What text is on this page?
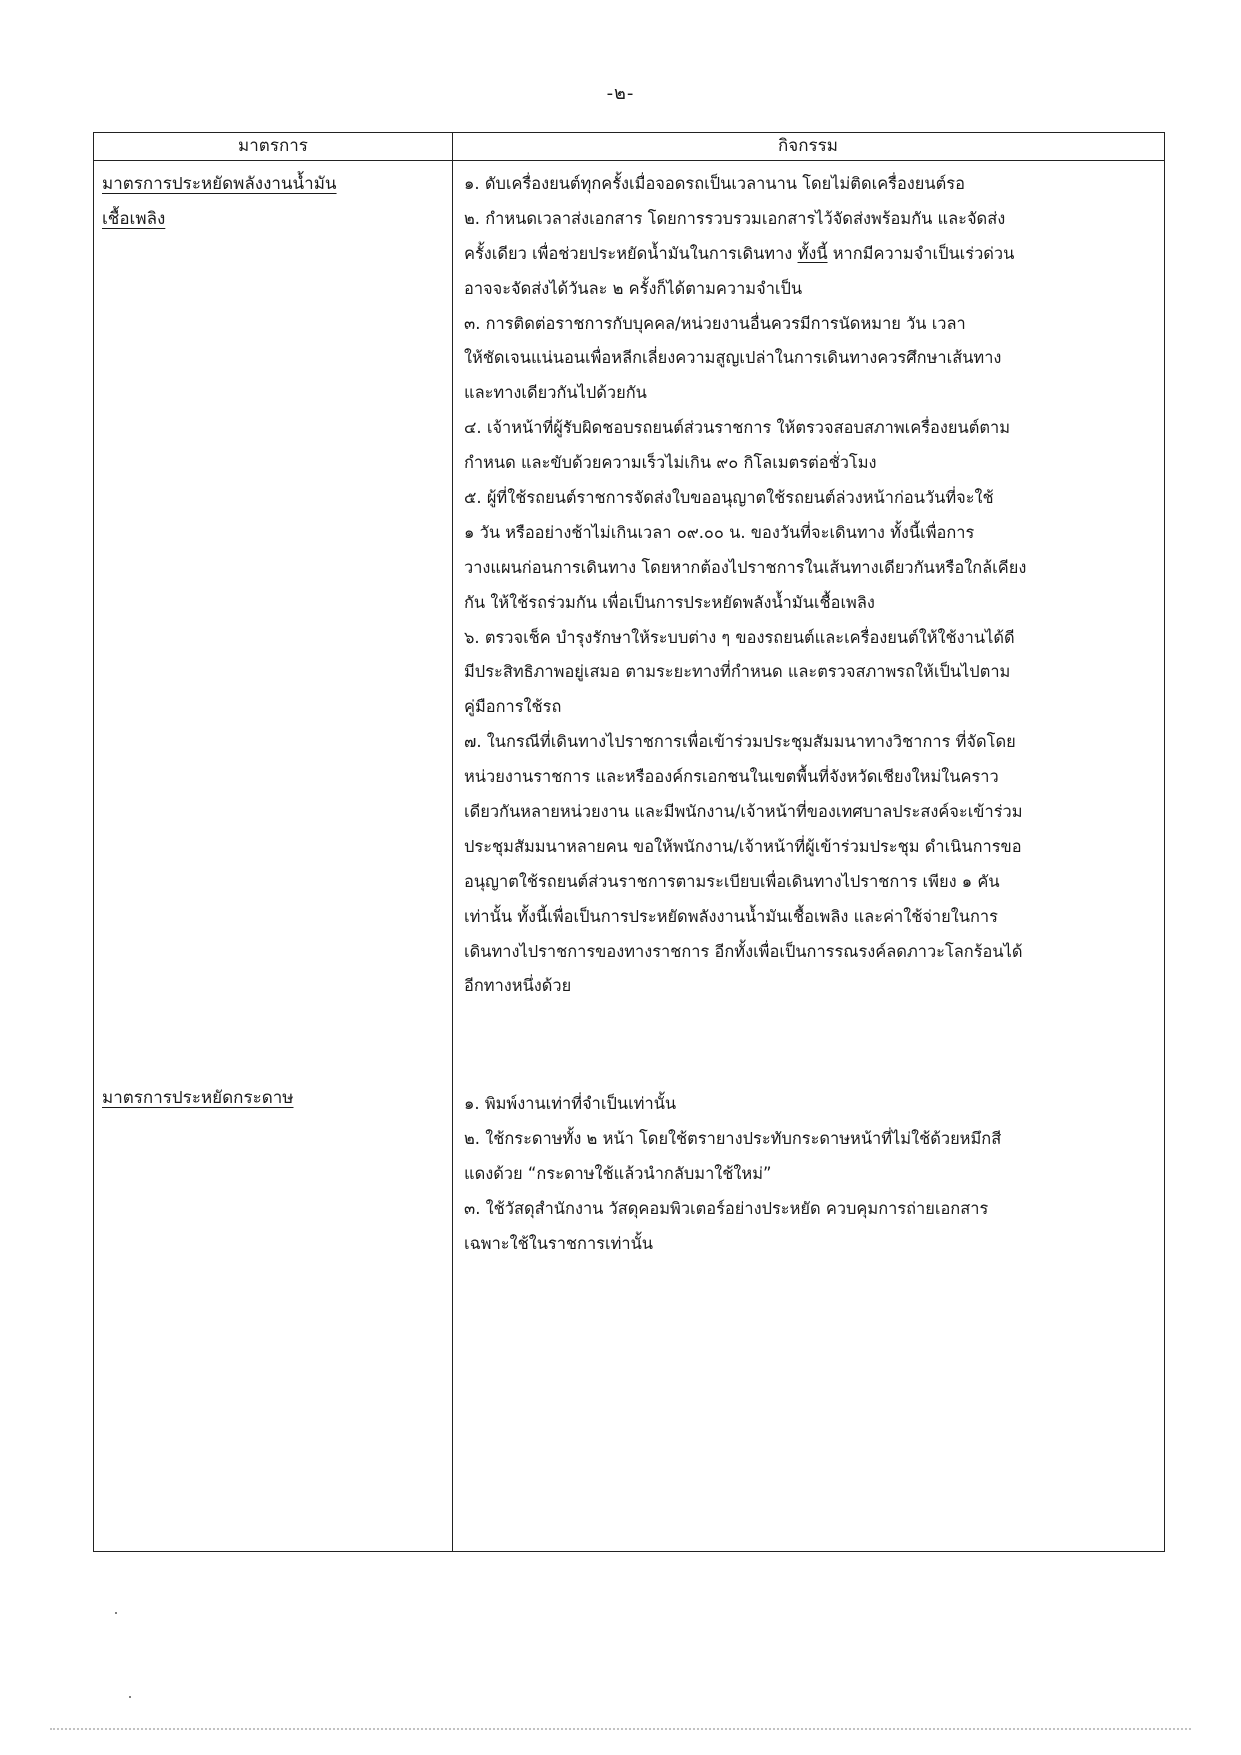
-๒-
มาตรการ	กิจกรรม
มาตรการประหยัดพลังงานน้ำมัน
เชื้อเพลิง
๑. ดับเครื่องยนต์ทุกครั้งเมื่อจอดรถเป็นเวลานาน โดยไม่ติดเครื่องยนต์รอ
๒. กำหนดเวลาส่งเอกสาร โดยการรวบรวมเอกสารไว้จัดส่งพร้อมกัน และจัดส่ง
ครั้งเดียว เพื่อช่วยประหยัดน้ำมันในการเดินทาง ทั้งนี้ หากมีความจำเป็นเร่วด่วน
อาจจะจัดส่งได้วันละ ๒ ครั้งก็ได้ตามความจำเป็น
๓. การติดต่อราชการกับบุคคล/หน่วยงานอื่นควรมีการนัดหมาย วัน เวลา
ให้ชัดเจนแน่นอนเพื่อหลีกเลี่ยงความสูญเปล่าในการเดินทางควรศึกษาเส้นทาง
และทางเดียวกันไปด้วยกัน
๔. เจ้าหน้าที่ผู้รับผิดชอบรถยนต์ส่วนราชการ ให้ตรวจสอบสภาพเครื่องยนต์ตาม
กำหนด และขับด้วยความเร็วไม่เกิน ๙๐ กิโลเมตรต่อชั่วโมง
๕. ผู้ที่ใช้รถยนต์ราชการจัดส่งใบขออนุญาตใช้รถยนต์ล่วงหน้าก่อนวันที่จะใช้
๑ วัน หรืออย่างช้าไม่เกินเวลา ๐๙.๐๐ น. ของวันที่จะเดินทาง ทั้งนี้เพื่อการ
วางแผนก่อนการเดินทาง โดยหากต้องไปราชการในเส้นทางเดียวกันหรือใกล้เคียง
กัน ให้ใช้รถร่วมกัน เพื่อเป็นการประหยัดพลังน้ำมันเชื้อเพลิง
๖. ตรวจเช็ค บำรุงรักษาให้ระบบต่าง ๆ ของรถยนต์และเครื่องยนต์ให้ใช้งานได้ดี
มีประสิทธิภาพอยู่เสมอ ตามระยะทางที่กำหนด และตรวจสภาพรถให้เป็นไปตาม
คู่มือการใช้รถ
๗. ในกรณีที่เดินทางไปราชการเพื่อเข้าร่วมประชุมสัมมนาทางวิชาการ ที่จัดโดย
หน่วยงานราชการ และหรือองค์กรเอกชนในเขตพื้นที่จังหวัดเชียงใหม่ในคราว
เดียวกันหลายหน่วยงาน และมีพนักงาน/เจ้าหน้าที่ของเทศบาลประสงค์จะเข้าร่วม
ประชุมสัมมนาหลายคน ขอให้พนักงาน/เจ้าหน้าที่ผู้เข้าร่วมประชุม ดำเนินการขอ
อนุญาตใช้รถยนต์ส่วนราชการตามระเบียบเพื่อเดินทางไปราชการ เพียง ๑ คัน
เท่านั้น ทั้งนี้เพื่อเป็นการประหยัดพลังงานน้ำมันเชื้อเพลิง และค่าใช้จ่ายในการ
เดินทางไปราชการของทางราชการ อีกทั้งเพื่อเป็นการรณรงค์ลดภาวะโลกร้อนได้
อีกทางหนึ่งด้วย
มาตรการประหยัดกระดาษ	๑. พิมพ์งานเท่าที่จำเป็นเท่านั้น
๒. ใช้กระดาษทั้ง ๒ หน้า โดยใช้ตรายางประทับกระดาษหน้าที่ไม่ใช้ด้วยหมึกสี
แดงด้วย “กระดาษใช้แล้วนำกลับมาใช้ใหม่”
๓. ใช้วัสดุสำนักงาน วัสดุคอมพิวเตอร์อย่างประหยัด ควบคุมการถ่ายเอกสาร
เฉพาะใช้ในราชการเท่านั้น
